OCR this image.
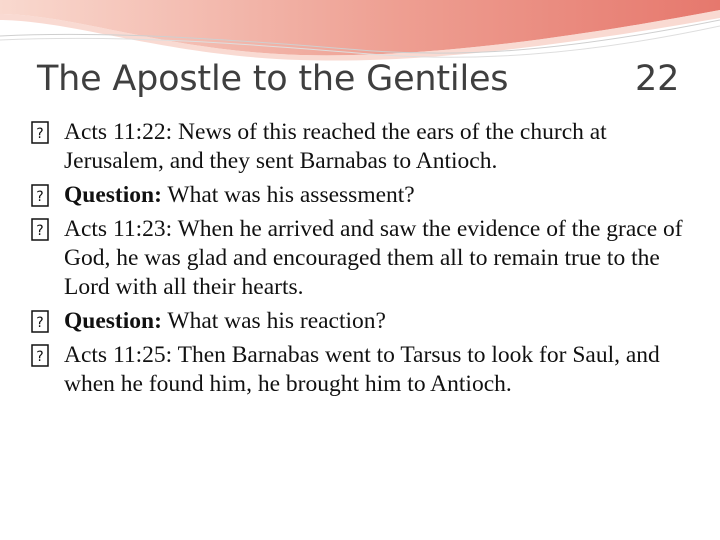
The Apostle to the Gentiles	22
? Acts 11:22: News of this reached the ears of the church at Jerusalem, and they sent Barnabas to Antioch.
? Question: What was his assessment?
? Acts 11:23: When he arrived and saw the evidence of the grace of God, he was glad and encouraged them all to remain true to the Lord with all their hearts.
? Question: What was his reaction?
? Acts 11:25: Then Barnabas went to Tarsus to look for Saul, and when he found him, he brought him to Antioch.
